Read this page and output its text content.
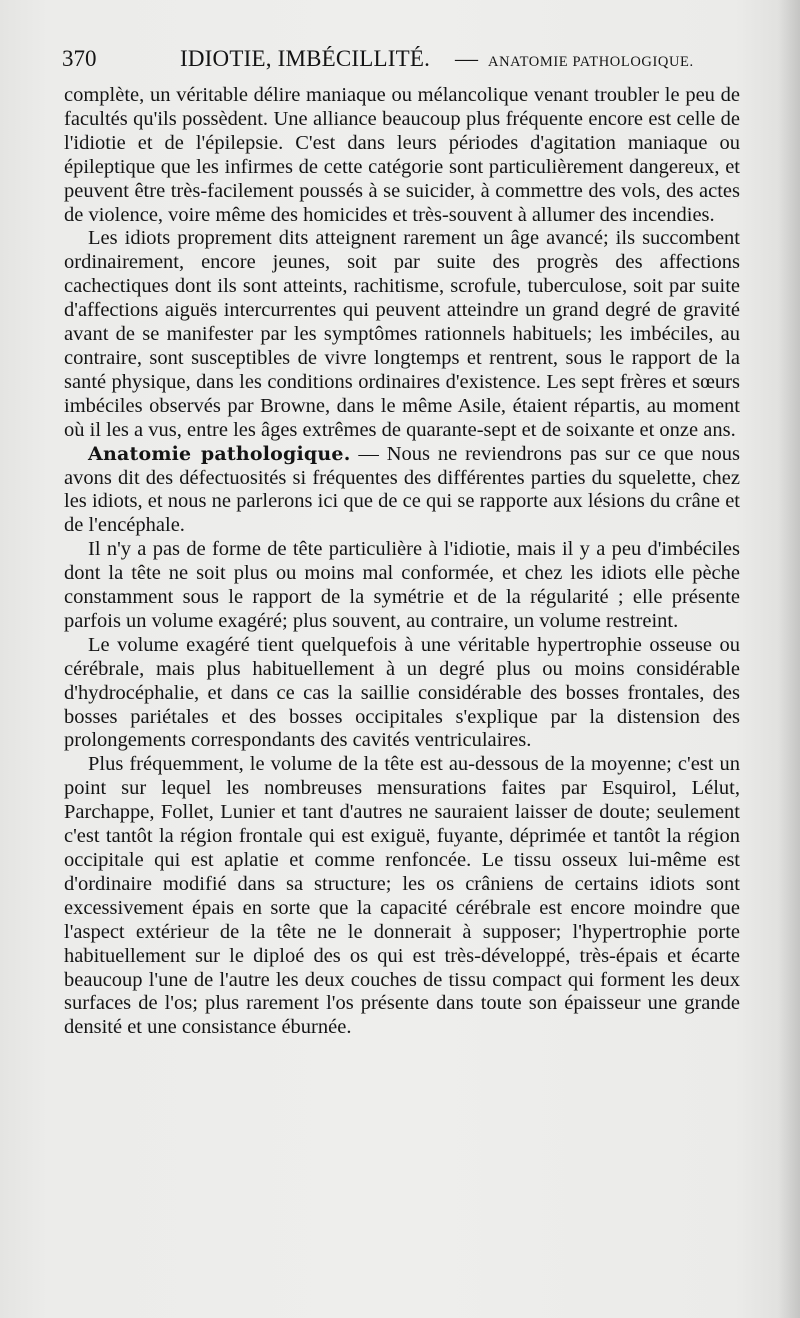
370	IDIOTIE, IMBÉCILLITÉ. — ANATOMIE PATHOLOGIQUE.

complète, un véritable délire maniaque ou mélancolique venant troubler le peu de facultés qu'ils possèdent. Une alliance beaucoup plus fréquente encore est celle de l'idiotie et de l'épilepsie. C'est dans leurs périodes d'agitation maniaque ou épileptique que les infirmes de cette catégorie sont particulièrement dangereux, et peuvent être très-facilement poussés à se suicider, à commettre des vols, des actes de violence, voire même des homicides et très-souvent à allumer des incendies.

Les idiots proprement dits atteignent rarement un âge avancé; ils succombent ordinairement, encore jeunes, soit par suite des progrès des affections cachectiques dont ils sont atteints, rachitisme, scrofule, tuberculose, soit par suite d'affections aiguës intercurrentes qui peuvent atteindre un grand degré de gravité avant de se manifester par les symptômes rationnels habituels; les imbéciles, au contraire, sont susceptibles de vivre longtemps et rentrent, sous le rapport de la santé physique, dans les conditions ordinaires d'existence. Les sept frères et sœurs imbéciles observés par Browne, dans le même Asile, étaient répartis, au moment où il les a vus, entre les âges extrêmes de quarante-sept et de soixante et onze ans.

Anatomie pathologique. — Nous ne reviendrons pas sur ce que nous avons dit des défectuosités si fréquentes des différentes parties du squelette, chez les idiots, et nous ne parlerons ici que de ce qui se rapporte aux lésions du crâne et de l'encéphale.

Il n'y a pas de forme de tête particulière à l'idiotie, mais il y a peu d'imbéciles dont la tête ne soit plus ou moins mal conformée, et chez les idiots elle pèche constamment sous le rapport de la symétrie et de la régularité ; elle présente parfois un volume exagéré; plus souvent, au contraire, un volume restreint.

Le volume exagéré tient quelquefois à une véritable hypertrophie osseuse ou cérébrale, mais plus habituellement à un degré plus ou moins considérable d'hydrocéphalie, et dans ce cas la saillie considérable des bosses frontales, des bosses pariétales et des bosses occipitales s'explique par la distension des prolongements correspondants des cavités ventriculaires.

Plus fréquemment, le volume de la tête est au-dessous de la moyenne; c'est un point sur lequel les nombreuses mensurations faites par Esquirol, Lélut, Parchappe, Follet, Lunier et tant d'autres ne sauraient laisser de doute; seulement c'est tantôt la région frontale qui est exiguë, fuyante, déprimée et tantôt la région occipitale qui est aplatie et comme renfoncée. Le tissu osseux lui-même est d'ordinaire modifié dans sa structure; les os crâniens de certains idiots sont excessivement épais en sorte que la capacité cérébrale est encore moindre que l'aspect extérieur de la tête ne le donnerait à supposer; l'hypertrophie porte habituellement sur le diploé des os qui est très-développé, très-épais et écarte beaucoup l'une de l'autre les deux couches de tissu compact qui forment les deux surfaces de l'os; plus rarement l'os présente dans toute son épaisseur une grande densité et une consistance éburnée.
